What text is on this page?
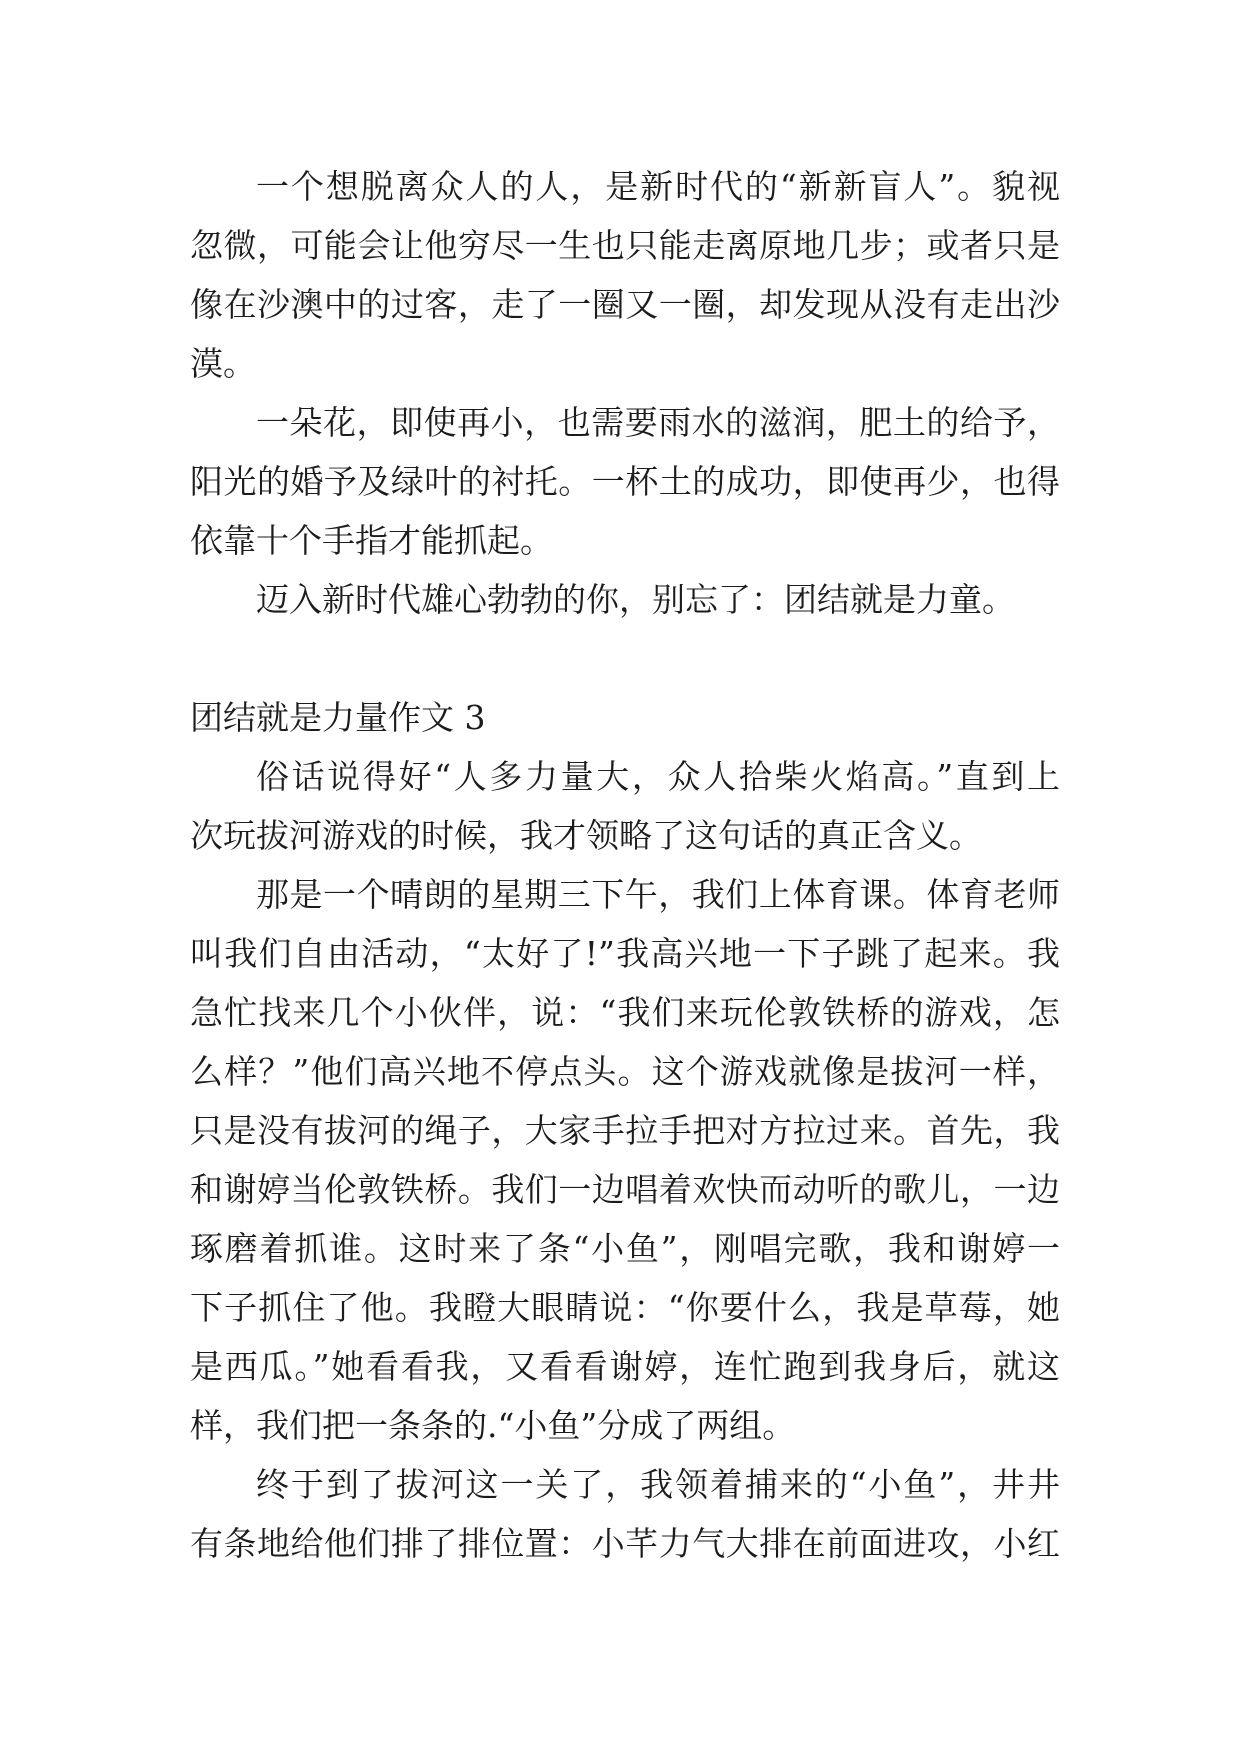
一个想脱离众人的人，是新时代的“新新盲人”。貌视
忽微，可能会让他穷尽一生也只能走离原地几步；或者只是
像在沙澳中的过客，走了一圈又一圈，却发现从没有走出沙
漠。
一朵花，即使再小，也需要雨水的滋润，肥土的给予，
阳光的婚予及绿叶的衬托。一杯土的成功，即使再少，也得
依靠十个手指才能抓起。
迈入新时代雄心勃勃的你，别忘了：团结就是力童。
团结就是力量作文 3
俗话说得好“人多力量大，众人拾柴火焰高。”直到上
次玩拔河游戏的时候，我才领略了这句话的真正含义。
那是一个晴朗的星期三下午，我们上体育课。体育老师
叫我们自由活动，“太好了!”我高兴地一下子跳了起来。我
急忙找来几个小伙伴，说：“我们来玩伦敦铁桥的游戏，怎
么样？”他们高兴地不停点头。这个游戏就像是拔河一样，
只是没有拔河的绳子，大家手拉手把对方拉过来。首先，我
和谢婷当伦敦铁桥。我们一边唱着欢快而动听的歌儿，一边
琢磨着抓谁。这时来了条“小鱼”，刚唱完歌，我和谢婷一
下子抓住了他。我瞪大眼睛说：“你要什么，我是草莓，她
是西瓜。”她看看我，又看看谢婷，连忙跑到我身后，就这
样，我们把一条条的.“小鱼”分成了两组。
终于到了拔河这一关了，我领着捕来的“小鱼”，井井
有条地给他们排了排位置：小芊力气大排在前面进攻，小红
